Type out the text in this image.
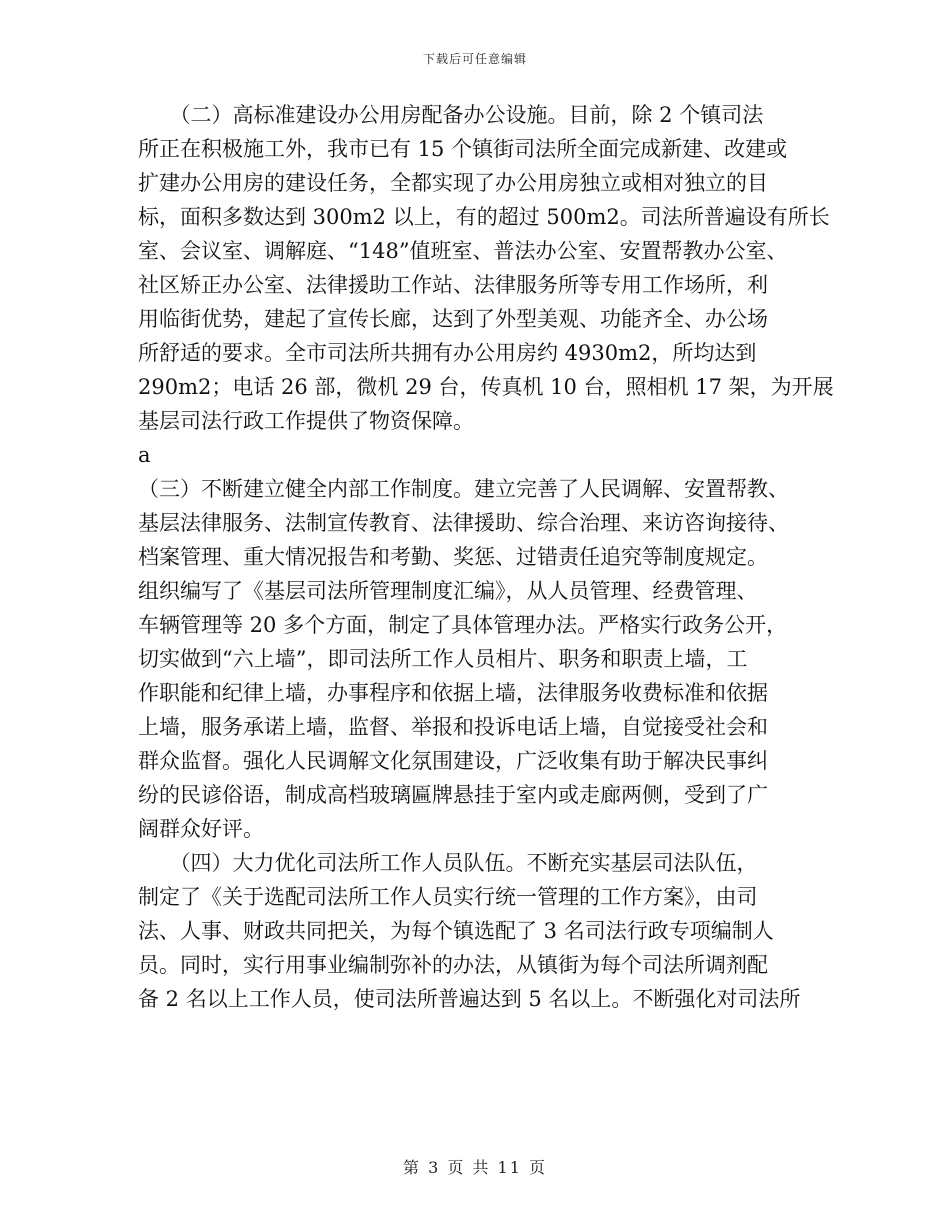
下载后可任意编辑
　　（二）高标准建设办公用房配备办公设施。目前，除 2 个镇司法
所正在积极施工外，我市已有 15 个镇街司法所全面完成新建、改建或
扩建办公用房的建设任务，全都实现了办公用房独立或相对独立的目
标，面积多数达到 300m2 以上，有的超过 500m2。司法所普遍设有所长
室、会议室、调解庭、“148”值班室、普法办公室、安置帮教办公室、
社区矫正办公室、法律援助工作站、法律服务所等专用工作场所，利
用临街优势，建起了宣传长廊，达到了外型美观、功能齐全、办公场
所舒适的要求。全市司法所共拥有办公用房约 4930m2，所均达到
290m2；电话 26 部，微机 29 台，传真机 10 台，照相机 17 架，为开展
基层司法行政工作提供了物资保障。
a
（三）不断建立健全内部工作制度。建立完善了人民调解、安置帮教、
基层法律服务、法制宣传教育、法律援助、综合治理、来访咨询接待、
档案管理、重大情况报告和考勤、奖惩、过错责任追究等制度规定。
组织编写了《基层司法所管理制度汇编》，从人员管理、经费管理、
车辆管理等 20 多个方面，制定了具体管理办法。严格实行政务公开，
切实做到“六上墙”，即司法所工作人员相片、职务和职责上墙，工
作职能和纪律上墙，办事程序和依据上墙，法律服务收费标准和依据
上墙，服务承诺上墙，监督、举报和投诉电话上墙，自觉接受社会和
群众监督。强化人民调解文化氛围建设，广泛收集有助于解决民事纠
纷的民谚俗语，制成高档玻璃匾牌悬挂于室内或走廊两侧，受到了广
阔群众好评。
　　（四）大力优化司法所工作人员队伍。不断充实基层司法队伍，
制定了《关于选配司法所工作人员实行统一管理的工作方案》，由司
法、人事、财政共同把关，为每个镇选配了 3 名司法行政专项编制人
员。同时，实行用事业编制弥补的办法，从镇街为每个司法所调剂配
备 2 名以上工作人员，使司法所普遍达到 5 名以上。不断强化对司法所
第 3 页 共 11 页
